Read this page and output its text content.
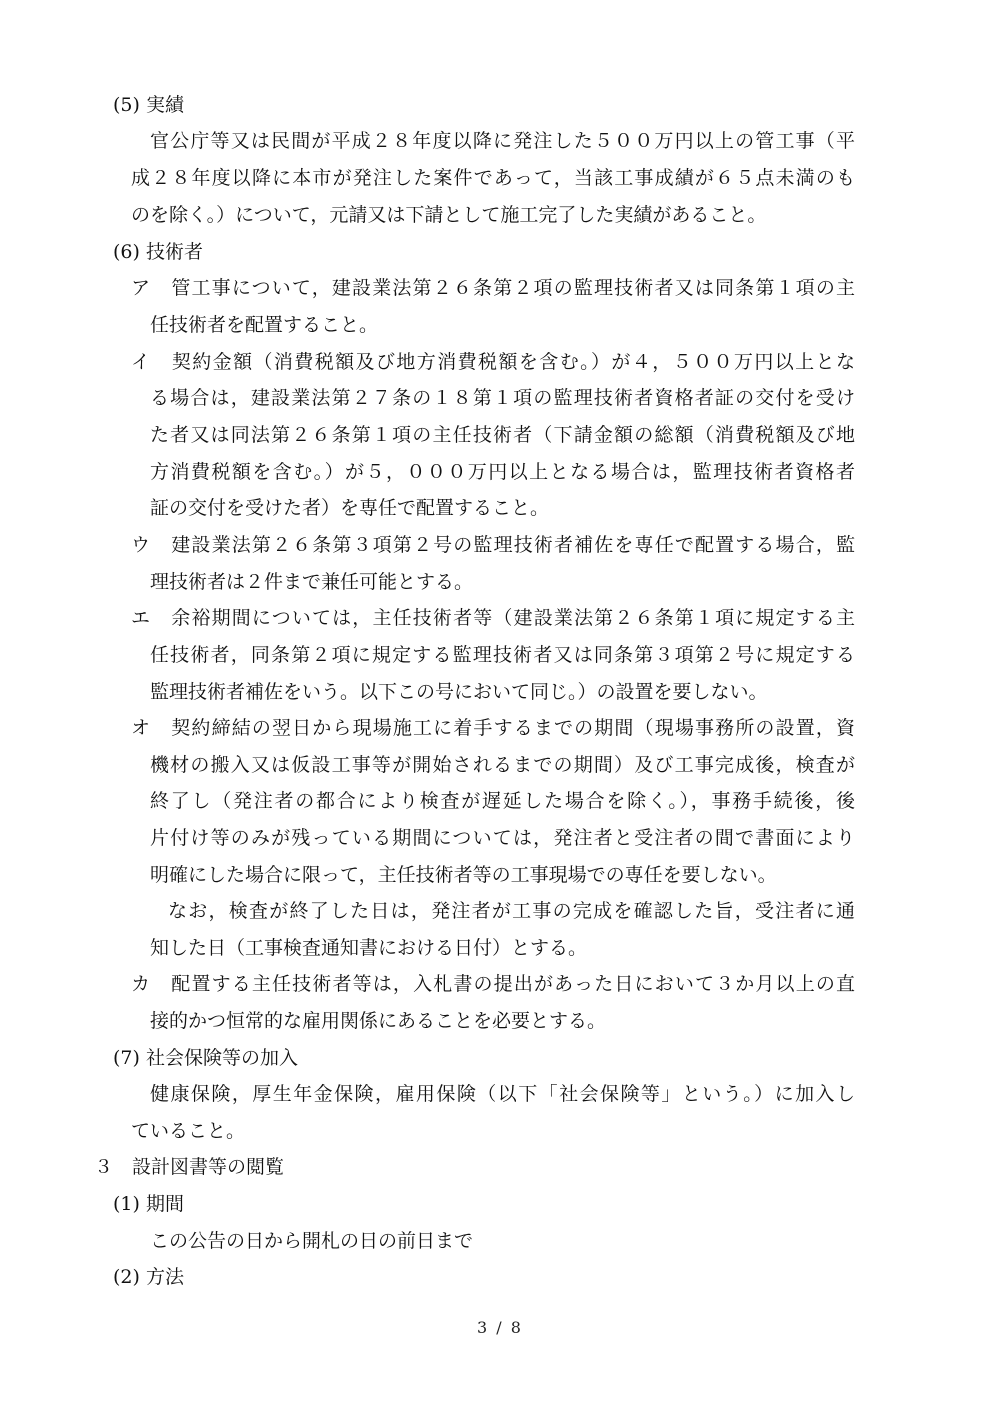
(5) 実績
官公庁等又は民間が平成２８年度以降に発注した５００万円以上の管工事（平
成２８年度以降に本市が発注した案件であって，当該工事成績が６５点未満のも
のを除く。）について，元請又は下請として施工完了した実績があること。
(6) 技術者
ア　管工事について，建設業法第２６条第２項の監理技術者又は同条第１項の主
任技術者を配置すること。
イ　契約金額（消費税額及び地方消費税額を含む。）が４，５００万円以上とな
る場合は，建設業法第２７条の１８第１項の監理技術者資格者証の交付を受け
た者又は同法第２６条第１項の主任技術者（下請金額の総額（消費税額及び地
方消費税額を含む。）が５，０００万円以上となる場合は，監理技術者資格者
証の交付を受けた者）を専任で配置すること。
ウ　建設業法第２６条第３項第２号の監理技術者補佐を専任で配置する場合，監
理技術者は２件まで兼任可能とする。
エ　余裕期間については，主任技術者等（建設業法第２６条第１項に規定する主
任技術者，同条第２項に規定する監理技術者又は同条第３項第２号に規定する
監理技術者補佐をいう。以下この号において同じ。）の設置を要しない。
オ　契約締結の翌日から現場施工に着手するまでの期間（現場事務所の設置，資
機材の搬入又は仮設工事等が開始されるまでの期間）及び工事完成後，検査が
終了し（発注者の都合により検査が遅延した場合を除く。），事務手続後，後
片付け等のみが残っている期間については，発注者と受注者の間で書面により
明確にした場合に限って，主任技術者等の工事現場での専任を要しない。
なお，検査が終了した日は，発注者が工事の完成を確認した旨，受注者に通
知した日（工事検査通知書における日付）とする。
カ　配置する主任技術者等は，入札書の提出があった日において３か月以上の直
接的かつ恒常的な雇用関係にあることを必要とする。
(7) 社会保険等の加入
健康保険，厚生年金保険，雇用保険（以下「社会保険等」という。）に加入し
ていること。
３　設計図書等の閲覧
(1) 期間
この公告の日から開札の日の前日まで
(2) 方法
3 / 8
